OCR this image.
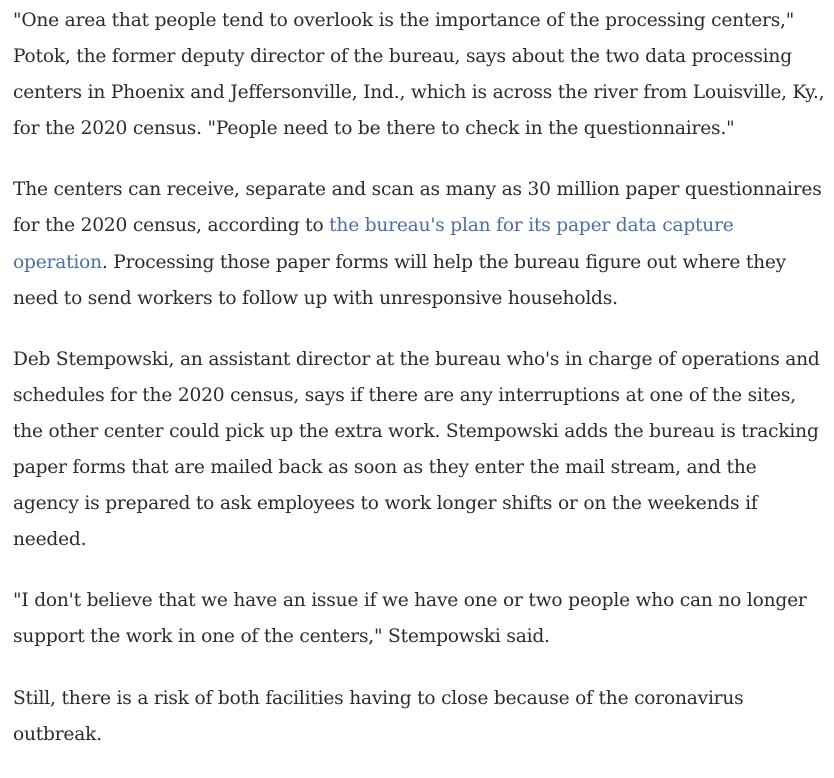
"One area that people tend to overlook is the importance of the processing centers," Potok, the former deputy director of the bureau, says about the two data processing centers in Phoenix and Jeffersonville, Ind., which is across the river from Louisville, Ky., for the 2020 census. "People need to be there to check in the questionnaires."

The centers can receive, separate and scan as many as 30 million paper questionnaires for the 2020 census, according to the bureau's plan for its paper data capture operation. Processing those paper forms will help the bureau figure out where they need to send workers to follow up with unresponsive households.

Deb Stempowski, an assistant director at the bureau who's in charge of operations and schedules for the 2020 census, says if there are any interruptions at one of the sites, the other center could pick up the extra work. Stempowski adds the bureau is tracking paper forms that are mailed back as soon as they enter the mail stream, and the agency is prepared to ask employees to work longer shifts or on the weekends if needed.

"I don't believe that we have an issue if we have one or two people who can no longer support the work in one of the centers," Stempowski said.

Still, there is a risk of both facilities having to close because of the coronavirus outbreak.
